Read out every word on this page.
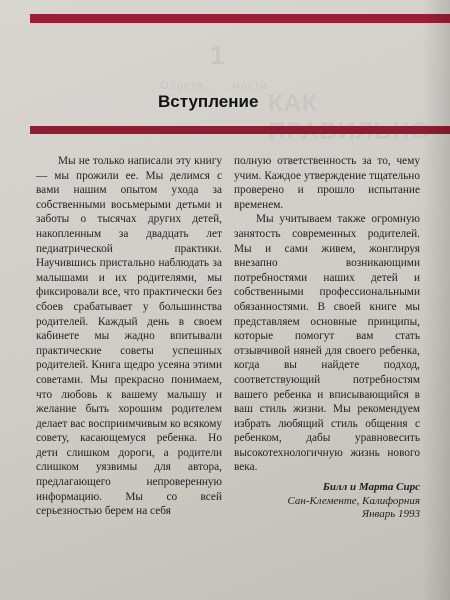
1
Обрете... ...мости
КАК
Вступление

Мы не только написали эту книгу — мы прожили ее. Мы делимся с вами нашим опытом ухода за собственными восьмерыми детьми и заботы о тысячах других детей, накопленным за двадцать лет педиатрической практики. Научившись пристально наблюдать за малышами и их родителями, мы фиксировали все, что практически без сбоев срабатывает у большинства родителей. Каждый день в своем кабинете мы жадно впитывали практические советы успешных родителей. Книга щедро усеяна этими советами. Мы прекрасно понимаем, что любовь к вашему малышу и желание быть хорошим родителем делает вас восприимчивым ко всякому совету, касающемуся ребенка. Но дети слишком дороги, а родители слишком уязвимы для автора, предлагающего непроверенную информацию. Мы со всей серьезностью берем на себя

полную ответственность за то, чему учим. Каждое утверждение тщательно проверено и прошло испытание временем.

Мы учитываем также огромную занятость современных родителей. Мы и сами живем, жонглируя внезапно возникающими потребностями наших детей и собственными профессиональными обязанностями. В своей книге мы представляем основные принципы, которые помогут вам стать отзывчивой няней для своего ребенка, когда вы найдете подход, соответствующий потребностям вашего ребенка и вписывающийся в ваш стиль жизни. Мы рекомендуем избрать любящий стиль общения с ребенком, дабы уравновесить высокотехнологичную жизнь нового века.

Билл и Марта Сирс
Сан-Клементе, Калифорния
Январь 1993
